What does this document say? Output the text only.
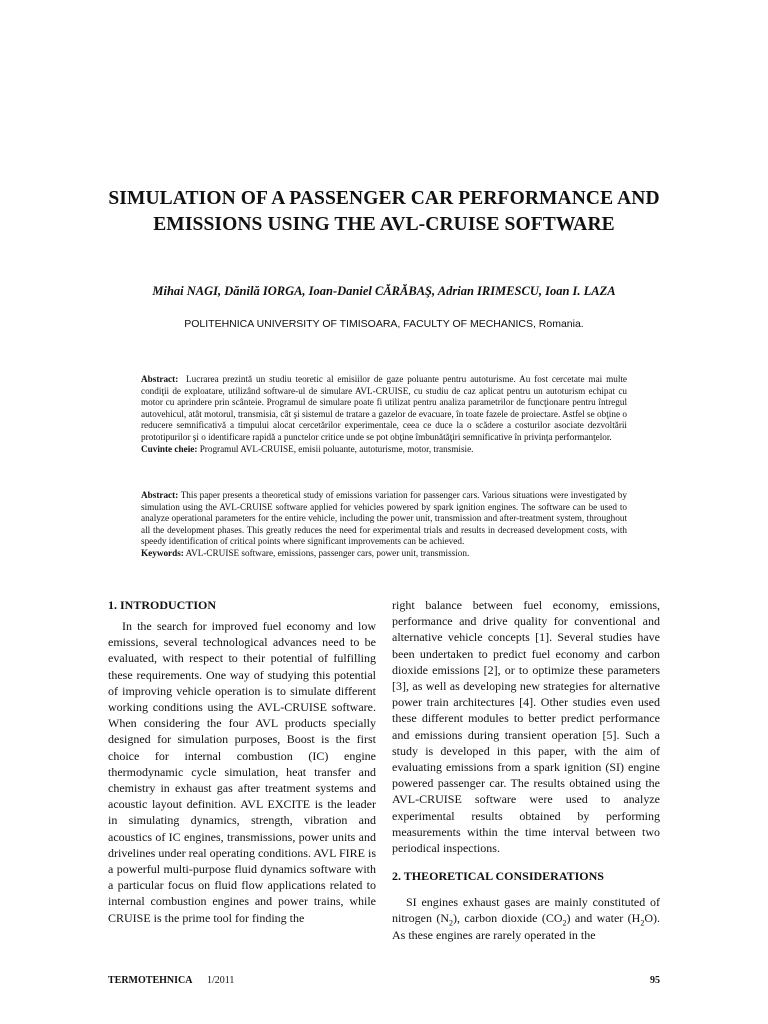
SIMULATION OF A PASSENGER CAR PERFORMANCE AND EMISSIONS USING THE AVL-CRUISE SOFTWARE
Mihai NAGI, Dănilă IORGA, Ioan-Daniel CĂRĂBAŞ, Adrian IRIMESCU, Ioan I. LAZA
POLITEHNICA UNIVERSITY OF TIMISOARA, FACULTY OF MECHANICS, Romania.

Abstract: Lucrarea prezintă un studiu teoretic al emisiilor de gaze poluante pentru autoturisme. Au fost cercetate mai multe condiţii de exploatare, utilizând software-ul de simulare AVL-CRUISE, cu studiu de caz aplicat pentru un autoturism echipat cu motor cu aprindere prin scânteie. Programul de simulare poate fi utilizat pentru analiza parametrilor de funcţionare pentru întregul autovehicul, atât motorul, transmisia, cât şi sistemul de tratare a gazelor de evacuare, în toate fazele de proiectare. Astfel se obţine o reducere semnificativă a timpului alocat cercetărilor experimentale, ceea ce duce la o scădere a costurilor asociate dezvoltării prototipurilor şi o identificare rapidă a punctelor critice unde se pot obţine îmbunătăţiri semnificative în privinţa performanţelor.

Cuvinte cheie: Programul AVL-CRUISE, emisii poluante, autoturisme, motor, transmisie.

Abstract: This paper presents a theoretical study of emissions variation for passenger cars. Various situations were investigated by simulation using the AVL-CRUISE software applied for vehicles powered by spark ignition engines. The software can be used to analyze operational parameters for the entire vehicle, including the power unit, transmission and after-treatment system, throughout all the development phases. This greatly reduces the need for experimental trials and results in decreased development costs, with speedy identification of critical points where significant improvements can be achieved.

Keywords: AVL-CRUISE software, emissions, passenger cars, power unit, transmission.

1. INTRODUCTION

In the search for improved fuel economy and low emissions, several technological advances need to be evaluated, with respect to their potential of fulfilling these requirements. One way of studying this potential of improving vehicle operation is to simulate different working conditions using the AVL-CRUISE software. When considering the four AVL products specially designed for simulation purposes, Boost is the first choice for internal combustion (IC) engine thermodynamic cycle simulation, heat transfer and chemistry in exhaust gas after treatment systems and acoustic layout definition. AVL EXCITE is the leader in simulating dynamics, strength, vibration and acoustics of IC engines, transmissions, power units and drivelines under real operating conditions. AVL FIRE is a powerful multi-purpose fluid dynamics software with a particular focus on fluid flow applications related to internal combustion engines and power trains, while CRUISE is the prime tool for finding the

right balance between fuel economy, emissions, performance and drive quality for conventional and alternative vehicle concepts [1]. Several studies have been undertaken to predict fuel economy and carbon dioxide emissions [2], or to optimize these parameters [3], as well as developing new strategies for alternative power train architectures [4]. Other studies even used these different modules to better predict performance and emissions during transient operation [5]. Such a study is developed in this paper, with the aim of evaluating emissions from a spark ignition (SI) engine powered passenger car. The results obtained using the AVL-CRUISE software were used to analyze experimental results obtained by performing measurements within the time interval between two periodical inspections.

2. THEORETICAL CONSIDERATIONS

SI engines exhaust gases are mainly constituted of nitrogen $(N_2)$, carbon dioxide $(CO_2)$ and water $(H_2O)$. As these engines are rarely operated in the

TERMOTEHNICA 1/2011	95
